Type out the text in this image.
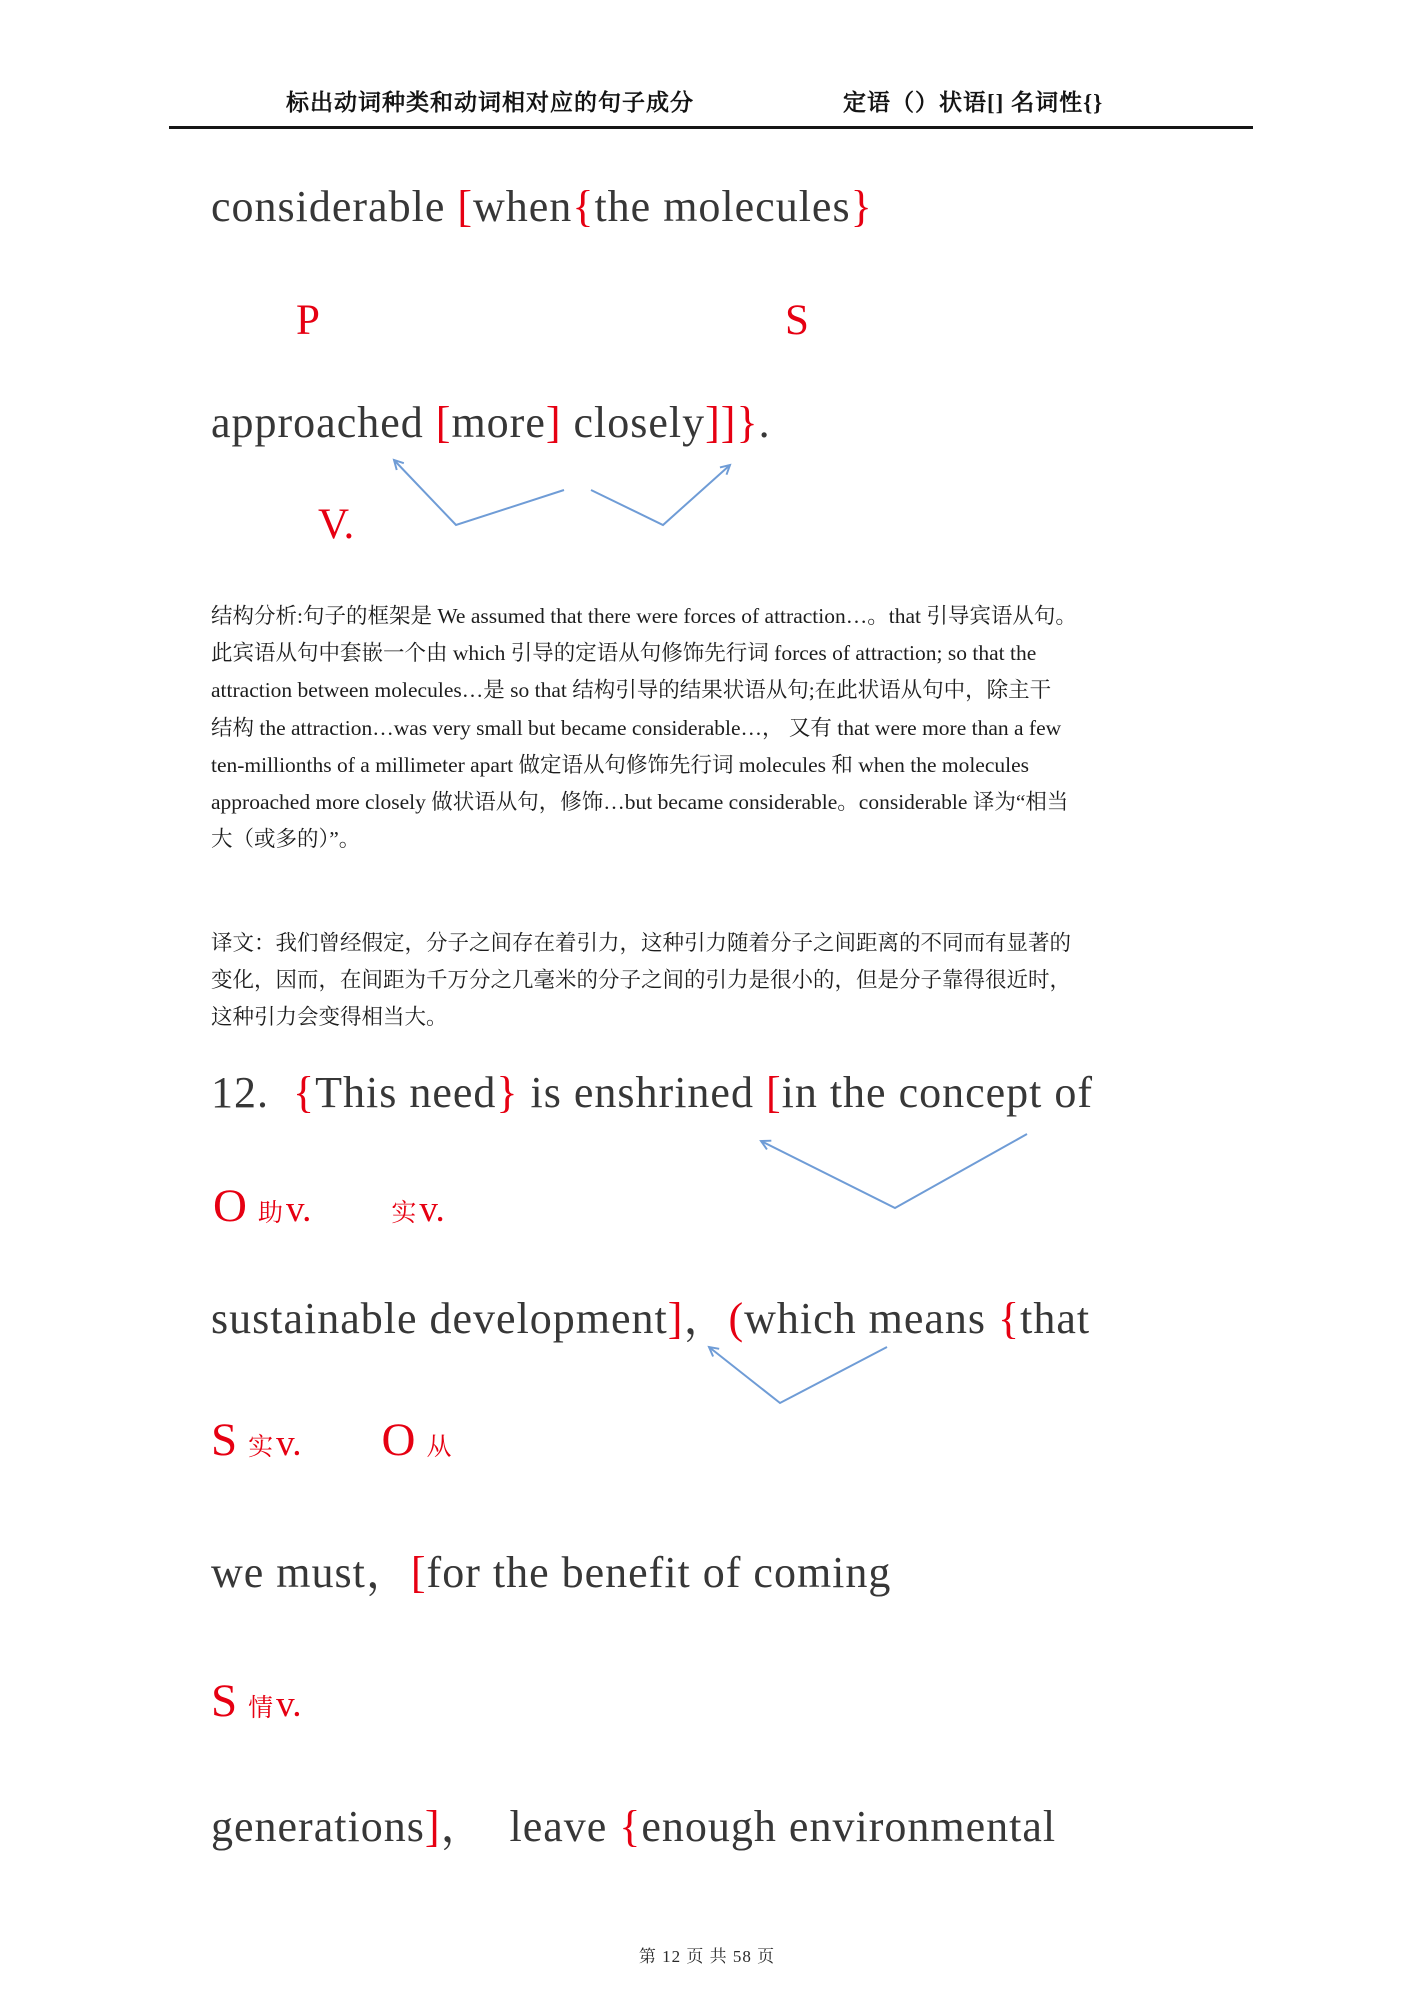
标出动词种类和动词相对应的句子成分	定语（）状语[] 名词性{}
considerable [when{the molecules}
P	S
approached [more] closely]]}.
V.
结构分析:句子的框架是 We assumed that there were forces of attraction…。that 引导宾语从句。
此宾语从句中套嵌一个由 which 引导的定语从句修饰先行词 forces of attraction; so that the
attraction between molecules…是 so that 结构引导的结果状语从句;在此状语从句中，除主干
结构 the attraction…was very small but became considerable…， 又有 that were more than a few
ten-millionths of a millimeter apart 做定语从句修饰先行词 molecules 和 when the molecules
approached more closely 做状语从句，修饰…but became considerable。considerable 译为“相当
大（或多的）”。
译文：我们曾经假定，分子之间存在着引力，这种引力随着分子之间距离的不同而有显著的
变化，因而，在间距为千万分之几毫米的分子之间的引力是很小的，但是分子靠得很近时，
这种引力会变得相当大。
12.  {This need} is enshrined [in the concept of
O助v.	实v.
sustainable development]，(which means {that
S实v. O 从
we must，[for the benefit of coming
S情v.
generations]，  leave {enough environmental
第 12 页 共 58 页
